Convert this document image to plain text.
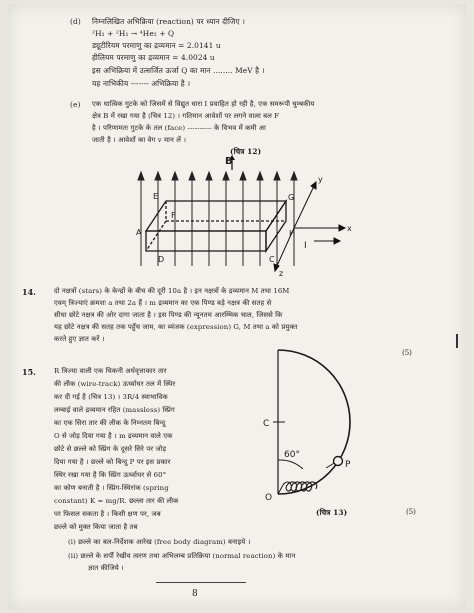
(d) निम्नलिखित अभिक्रिया (reaction) पर ध्यान दीजिए ।
²H₁ + ²H₁ → ⁴He₂ + Q
ड्यूटीरियम परमाणु का द्रव्यमान = 2.0141 u
हीलियम परमाणु का द्रव्यमान = 4.0024 u
इस अभिक्रिया में उत्सर्जित ऊर्जा Q का मान ........ MeV है ।
यह नाभिकीय ------- अभिक्रिया है ।
(e) एक धात्विक गुटके को जिसमें से विद्युत धारा I प्रवाहित हो रही है, एक समरूपी चुम्बकीय
क्षेत्र B में रखा गया है (चित्र 12) । गतिमान आवेशों पर लगने वाला बल F
है । परिणामतः गुटके के तल (face) ---------- के विभव में कमी आ
जाती है । आवेशों का वेग v मान लें ।
(चित्र 12)
B
E
F
G
A
D	C
H
I
x
y
z
14.	दो नक्षत्रों (stars) के केन्द्रों के बीच की दूरी 10a है । इन नक्षत्रों के द्रव्यमान M तथा 16M
एवम् त्रिज्याएं क्रमशः a तथा 2a हैं । m द्रव्यमान का एक पिण्ड बड़े नक्षत्र की सतह से
सीधा छोटे नक्षत्र की ओर दागा जाता है । इस पिण्ड की न्यूनतम आरम्भिक चाल, जिससे कि
यह छोटे नक्षत्र की सतह तक पहुँच जाय, का व्यंजक (expression) G, M तथा a को प्रयुक्त
करते हुए ज्ञात करें ।
(5)
15.	R त्रिज्या वाली एक चिकनी अर्धवृत्ताकार तार
की लीक (wire-track) ऊर्ध्वाधर तल में स्थिर
कर दी गई है (चित्र 13) । 3R/4 स्वाभाविक
लम्बाई वाले द्रव्यमान रहित (massless) स्प्रिंग
का एक सिरा तार की लीक के निम्नतम बिन्दु
O से जोड़ दिया गया है । m द्रव्यमान वाले एक
छोटे से छल्ले को स्प्रिंग के दूसरे सिरे पर जोड़
दिया गया है । छल्ले को बिन्दु P पर इस प्रकार
स्थिर रखा गया है कि स्प्रिंग ऊर्ध्वाधर से 60°
का कोण बनाती है । स्प्रिंग-स्थिरांक (spring
constant) K = mg/R. छल्ला तार की लीक
पर फिसल सकता है । किसी क्षण पर, जब
छल्ले को मुक्त किया जाता है तब
C
O
P
60°
(चित्र 13)	(5)
(i) छल्ले का बल-निर्देशक आरेख (free body diagram) बनाइये ।
(ii) छल्ले के सर्पी रेखीय त्वरण तथा अभिलम्ब प्रतिक्रिया (normal reaction) के मान
ज्ञात कीजिये ।
8
